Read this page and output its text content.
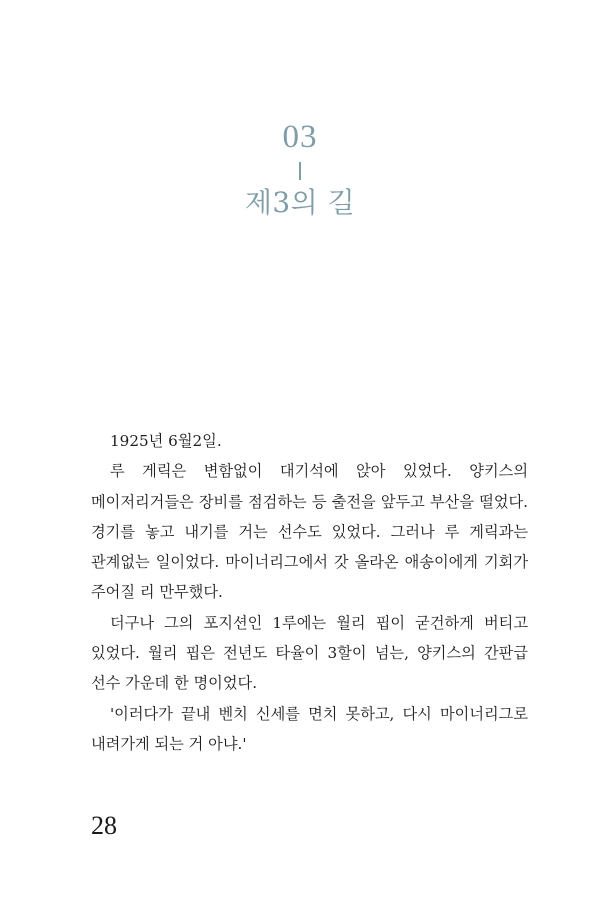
03
제3의 길

1925년 6월2일.

루 게릭은 변함없이 대기석에 앉아 있었다. 양키스의 메이저리거들은 장비를 점검하는 등 출전을 앞두고 부산을 떨었다. 경기를 놓고 내기를 거는 선수도 있었다. 그러나 루 게릭과는 관계없는 일이었다. 마이너리그에서 갓 올라온 애송이에게 기회가 주어질 리 만무했다.

더구나 그의 포지션인 1루에는 월리 핍이 굳건하게 버티고 있었다. 월리 핍은 전년도 타율이 3할이 넘는, 양키스의 간판급 선수 가운데 한 명이었다.

'이러다가 끝내 벤치 신세를 면치 못하고, 다시 마이너리그로 내려가게 되는 거 아냐.'

28
